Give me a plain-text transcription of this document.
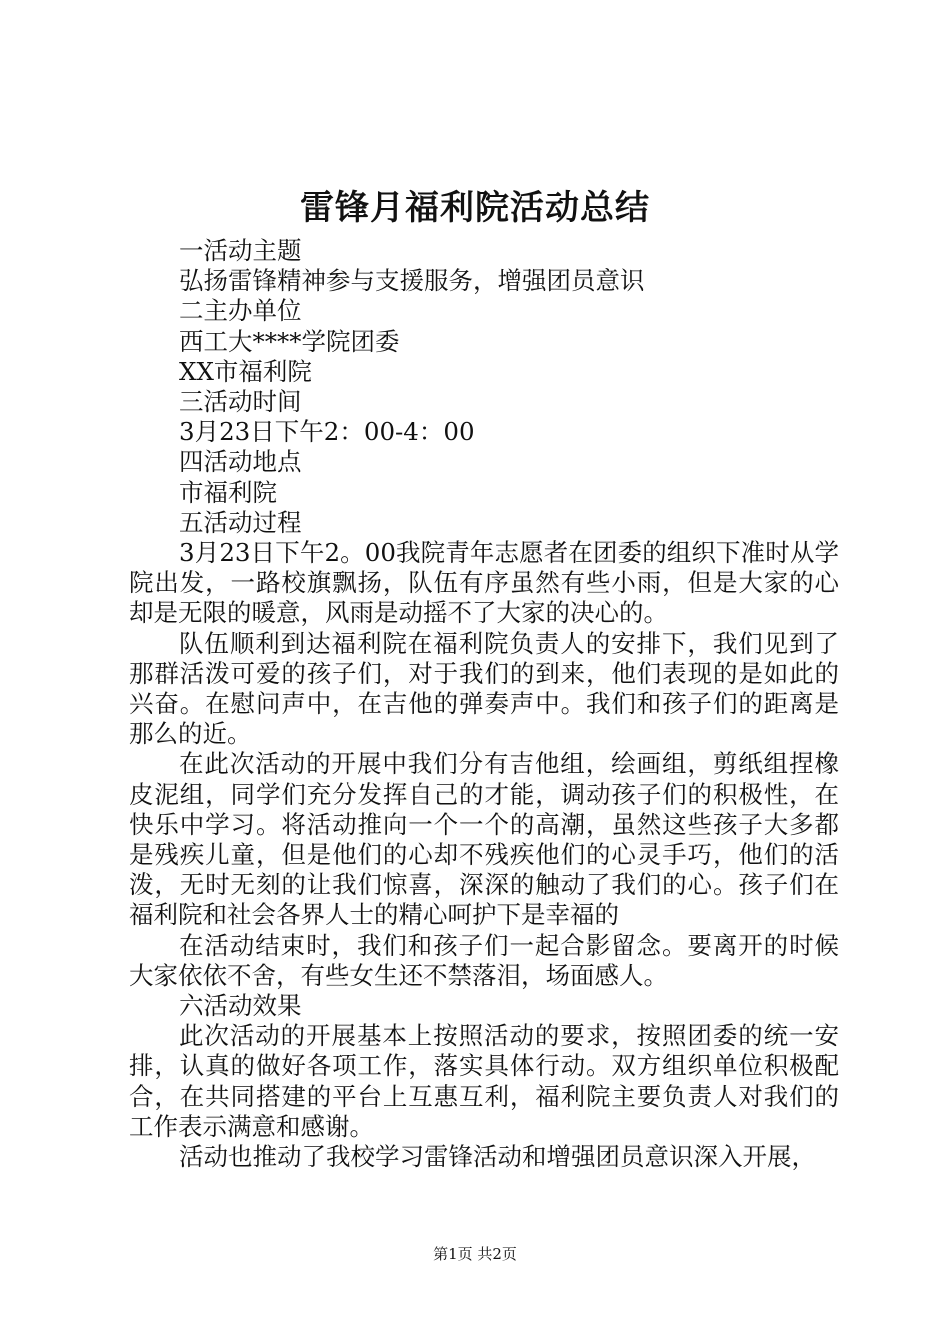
雷锋月福利院活动总结

一活动主题

弘扬雷锋精神参与支援服务，增强团员意识

二主办单位

西工大****学院团委

XX市福利院

三活动时间

3月23日下午2：00-4：00

四活动地点

市福利院

五活动过程

3月23日下午2。00我院青年志愿者在团委的组织下准时从学院出发，一路校旗飘扬，队伍有序虽然有些小雨，但是大家的心却是无限的暖意，风雨是动摇不了大家的决心的。

队伍顺利到达福利院在福利院负责人的安排下，我们见到了那群活泼可爱的孩子们，对于我们的到来，他们表现的是如此的兴奋。在慰问声中，在吉他的弹奏声中。我们和孩子们的距离是那么的近。

在此次活动的开展中我们分有吉他组，绘画组，剪纸组捏橡皮泥组，同学们充分发挥自己的才能，调动孩子们的积极性，在快乐中学习。将活动推向一个一个的高潮，虽然这些孩子大多都是残疾儿童，但是他们的心却不残疾他们的心灵手巧，他们的活泼，无时无刻的让我们惊喜，深深的触动了我们的心。孩子们在福利院和社会各界人士的精心呵护下是幸福的

在活动结束时，我们和孩子们一起合影留念。要离开的时候大家依依不舍，有些女生还不禁落泪，场面感人。

六活动效果

此次活动的开展基本上按照活动的要求，按照团委的统一安排，认真的做好各项工作，落实具体行动。双方组织单位积极配合，在共同搭建的平台上互惠互利，福利院主要负责人对我们的工作表示满意和感谢。

活动也推动了我校学习雷锋活动和增强团员意识深入开展，

第1页 共2页
